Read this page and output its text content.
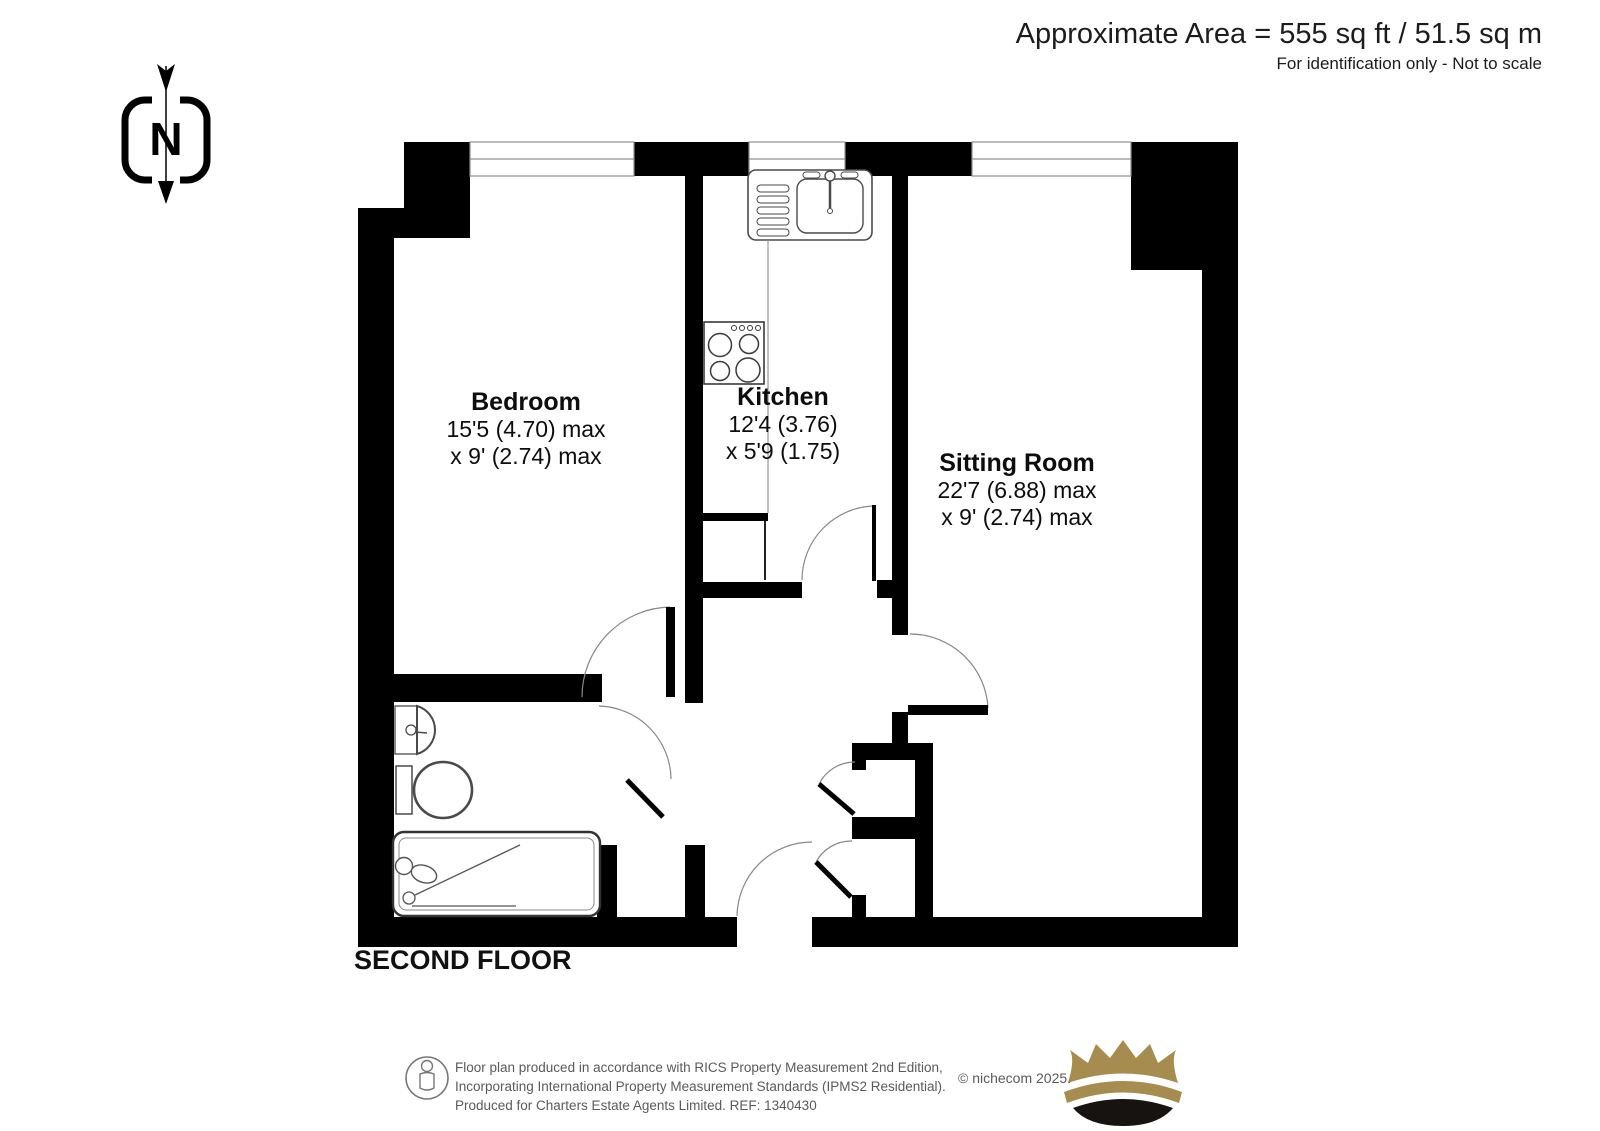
Approximate Area = 555 sq ft / 51.5 sq m
For identification only - Not to scale
N
Bedroom
15'5 (4.70) max
x 9' (2.74) max
Kitchen
12'4 (3.76)
x 5'9 (1.75)	Sitting Room
22'7 (6.88) max
x 9' (2.74) max
SECOND FLOOR
Floor plan produced in accordance with RICS Property Measurement 2nd Edition,
Incorporating International Property Measurement Standards (IPMS2 Residential).
Produced for Charters Estate Agents Limited. REF: 1340430
© nichecom 2025.
